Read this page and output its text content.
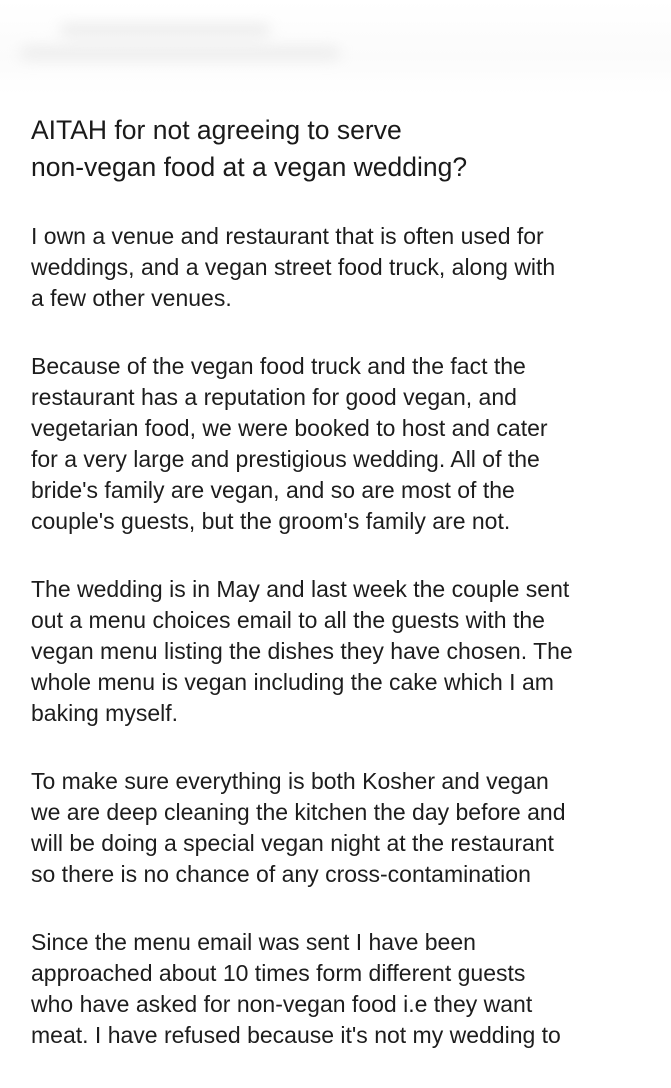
AITAH for not agreeing to serve
non-vegan food at a vegan wedding?

I own a venue and restaurant that is often used for
weddings, and a vegan street food truck, along with
a few other venues.

Because of the vegan food truck and the fact the
restaurant has a reputation for good vegan, and
vegetarian food, we were booked to host and cater
for a very large and prestigious wedding. All of the
bride's family are vegan, and so are most of the
couple's guests, but the groom's family are not.

The wedding is in May and last week the couple sent
out a menu choices email to all the guests with the
vegan menu listing the dishes they have chosen. The
whole menu is vegan including the cake which I am
baking myself.

To make sure everything is both Kosher and vegan
we are deep cleaning the kitchen the day before and
will be doing a special vegan night at the restaurant
so there is no chance of any cross-contamination

Since the menu email was sent I have been
approached about 10 times form different guests
who have asked for non-vegan food i.e they want
meat. I have refused because it's not my wedding to
